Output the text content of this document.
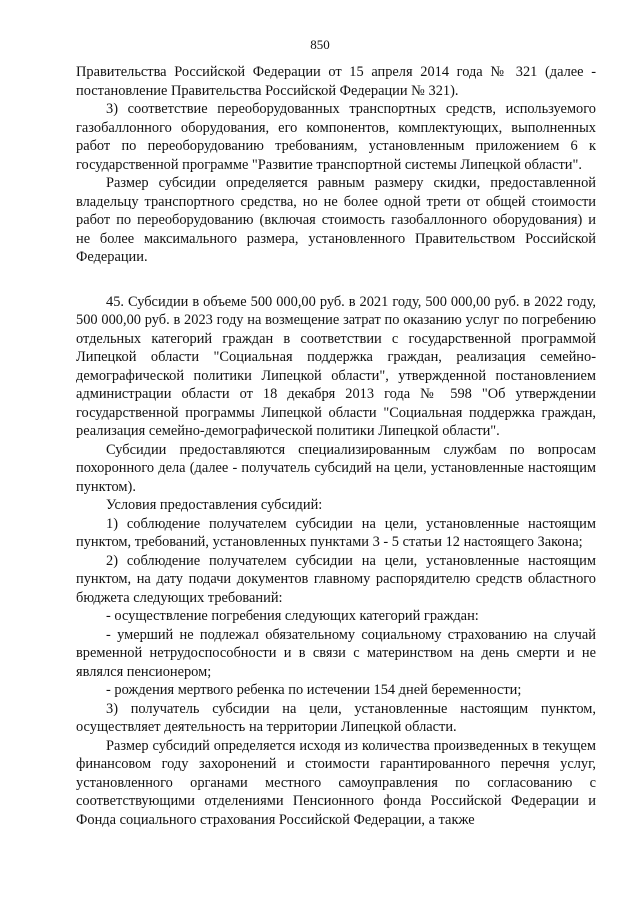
850

Правительства Российской Федерации от 15 апреля 2014 года № 321 (далее - постановление Правительства Российской Федерации № 321).

3) соответствие переоборудованных транспортных средств, используемого газобаллонного оборудования, его компонентов, комплектующих, выполненных работ по переоборудованию требованиям, установленным приложением 6 к государственной программе "Развитие транспортной системы Липецкой области".

Размер субсидии определяется равным размеру скидки, предоставленной владельцу транспортного средства, но не более одной трети от общей стоимости работ по переоборудованию (включая стоимость газобаллонного оборудования) и не более максимального размера, установленного Правительством Российской Федерации.

45. Субсидии в объеме 500 000,00 руб. в 2021 году, 500 000,00 руб. в 2022 году, 500 000,00 руб. в 2023 году на возмещение затрат по оказанию услуг по погребению отдельных категорий граждан в соответствии с государственной программой Липецкой области "Социальная поддержка граждан, реализация семейно-демографической политики Липецкой области", утвержденной постановлением администрации области от 18 декабря 2013 года № 598 "Об утверждении государственной программы Липецкой области "Социальная поддержка граждан, реализация семейно-демографической политики Липецкой области".

Субсидии предоставляются специализированным службам по вопросам похоронного дела (далее - получатель субсидий на цели, установленные настоящим пунктом).

Условия предоставления субсидий:

1) соблюдение получателем субсидии на цели, установленные настоящим пунктом, требований, установленных пунктами 3 - 5 статьи 12 настоящего Закона;

2) соблюдение получателем субсидии на цели, установленные настоящим пунктом, на дату подачи документов главному распорядителю средств областного бюджета следующих требований:

- осуществление погребения следующих категорий граждан:

- умерший не подлежал обязательному социальному страхованию на случай временной нетрудоспособности и в связи с материнством на день смерти и не являлся пенсионером;

- рождения мертвого ребенка по истечении 154 дней беременности;

3) получатель субсидии на цели, установленные настоящим пунктом, осуществляет деятельность на территории Липецкой области.

Размер субсидий определяется исходя из количества произведенных в текущем финансовом году захоронений и стоимости гарантированного перечня услуг, установленного органами местного самоуправления по согласованию с соответствующими отделениями Пенсионного фонда Российской Федерации и Фонда социального страхования Российской Федерации, а также
